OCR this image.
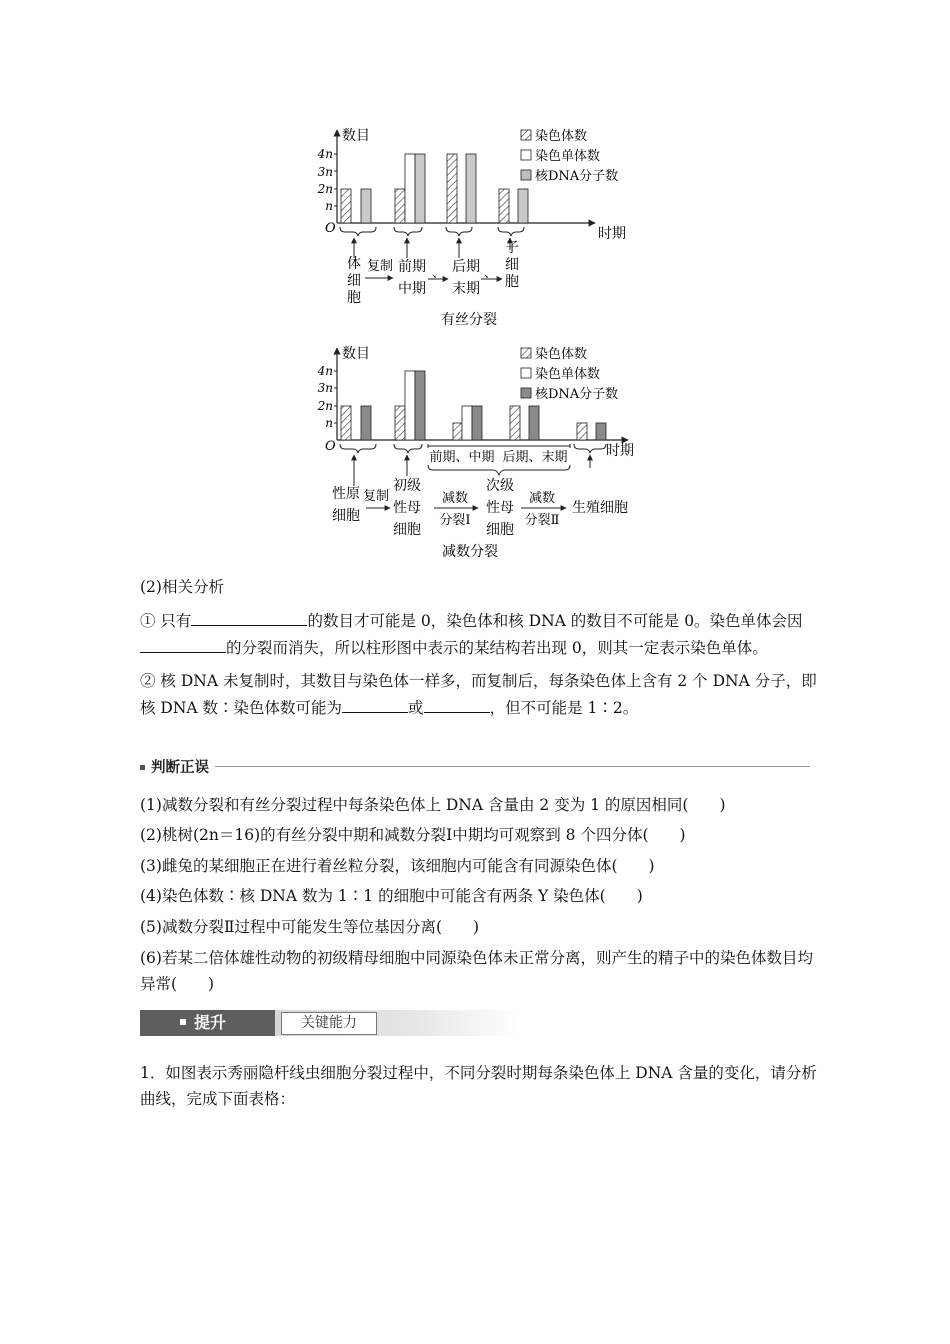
数目
时期
O
4n
3n
2n
n
染色体数
染色单体数
核DNA分子数
体细胞
复制 前期
中期
、 后期
末期
、
子细胞
有丝分裂
数目
时期
O
4n
3n
2n
n
染色体数
染色单体数
核DNA分子数
前期、中期 后期、末期
性原细胞
复制
初级性母细胞
减数
分裂Ⅰ
次级性母细胞
减数
分裂Ⅱ
生殖细胞
减数分裂

(2)相关分析

① 只有	的数目才可能是 0，染色体和核 DNA 的数目不可能是 0。染色单体会因的分裂而消失，所以柱形图中表示的某结构若出现 0，则其一定表示染色单体。

② 核 DNA 未复制时，其数目与染色体一样多，而复制后，每条染色体上含有 2 个 DNA 分子，即核 DNA 数∶染色体数可能为	或	，但不可能是 1∶2。

判断正误
(1)减数分裂和有丝分裂过程中每条染色体上 DNA 含量由 2 变为 1 的原因相同(　　)
(2)桃树(2n＝16)的有丝分裂中期和减数分裂Ⅰ中期均可观察到 8 个四分体(　　)
(3)雌兔的某细胞正在进行着丝粒分裂，该细胞内可能含有同源染色体(　　)
(4)染色体数∶核 DNA 数为 1∶1 的细胞中可能含有两条 Y 染色体(　　)
(5)减数分裂Ⅱ过程中可能发生等位基因分离(　　)
(6)若某二倍体雄性动物的初级精母细胞中同源染色体未正常分离，则产生的精子中的染色体数目均异常(　　)
提升	关键能力
1．如图表示秀丽隐杆线虫细胞分裂过程中，不同分裂时期每条染色体上 DNA 含量的变化，请分析曲线，完成下面表格：
